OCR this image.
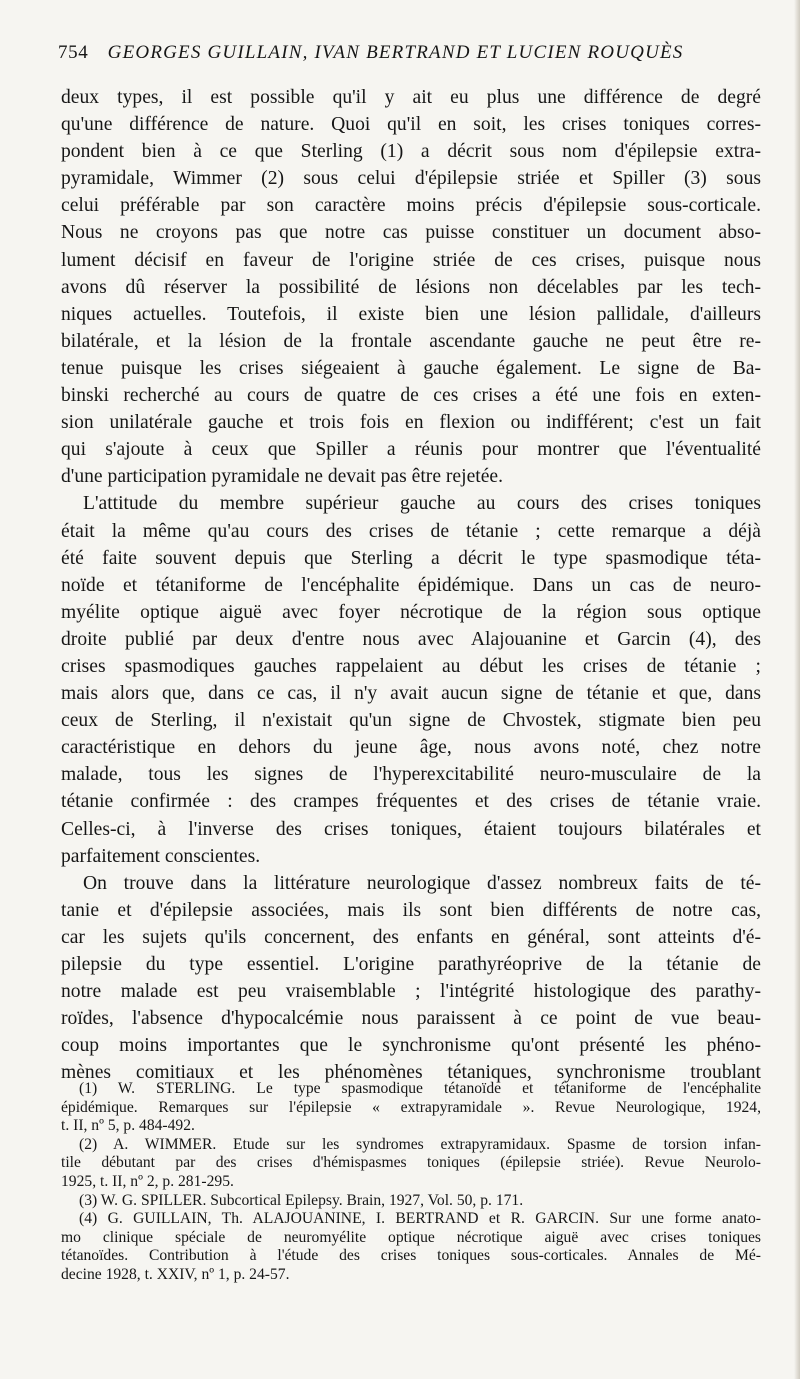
754 GEORGES GUILLAIN, IVAN BERTRAND ET LUCIEN ROUQUÈS

deux types, il est possible qu'il y ait eu plus une différence de degré
qu'une différence de nature. Quoi qu'il en soit, les crises toniques corres-
pondent bien à ce que Sterling (1) a décrit sous nom d'épilepsie extra-
pyramidale, Wimmer (2) sous celui d'épilepsie striée et Spiller (3) sous
celui préférable par son caractère moins précis d'épilepsie sous-corticale.
Nous ne croyons pas que notre cas puisse constituer un document abso-
lument décisif en faveur de l'origine striée de ces crises, puisque nous
avons dû réserver la possibilité de lésions non décelables par les tech-
niques actuelles. Toutefois, il existe bien une lésion pallidale, d'ailleurs
bilatérale, et la lésion de la frontale ascendante gauche ne peut être re-
tenue puisque les crises siégeaient à gauche également. Le signe de Ba-
binski recherché au cours de quatre de ces crises a été une fois en exten-
sion unilatérale gauche et trois fois en flexion ou indifférent; c'est un fait
qui s'ajoute à ceux que Spiller a réunis pour montrer que l'éventualité
d'une participation pyramidale ne devait pas être rejetée.

L'attitude du membre supérieur gauche au cours des crises toniques
était la même qu'au cours des crises de tétanie ; cette remarque a déjà
été faite souvent depuis que Sterling a décrit le type spasmodique téta-
noïde et tétaniforme de l'encéphalite épidémique. Dans un cas de neuro-
myélite optique aiguë avec foyer nécrotique de la région sous optique
droite publié par deux d'entre nous avec Alajouanine et Garcin (4), des
crises spasmodiques gauches rappelaient au début les crises de tétanie ;
mais alors que, dans ce cas, il n'y avait aucun signe de tétanie et que, dans
ceux de Sterling, il n'existait qu'un signe de Chvostek, stigmate bien peu
caractéristique en dehors du jeune âge, nous avons noté, chez notre
malade, tous les signes de l'hyperexcitabilité neuro-musculaire de la
tétanie confirmée : des crampes fréquentes et des crises de tétanie vraie.
Celles-ci, à l'inverse des crises toniques, étaient toujours bilatérales et
parfaitement conscientes.

On trouve dans la littérature neurologique d'assez nombreux faits de té-
tanie et d'épilepsie associées, mais ils sont bien différents de notre cas,
car les sujets qu'ils concernent, des enfants en général, sont atteints d'é-
pilepsie du type essentiel. L'origine parathyréoprive de la tétanie de
notre malade est peu vraisemblable ; l'intégrité histologique des parathy-
roïdes, l'absence d'hypocalcémie nous paraissent à ce point de vue beau-
coup moins importantes que le synchronisme qu'ont présenté les phéno-
mènes comitiaux et les phénomènes tétaniques, synchronisme troublant

(1) W. STERLING. Le type spasmodique tétanoïde et tétaniforme de l'encéphalite
épidémique. Remarques sur l'épilepsie « extrapyramidale ». Revue Neurologique, 1924,
t. II, nº 5, p. 484-492.
(2) A. WIMMER. Etude sur les syndromes extrapyramidaux. Spasme de torsion infan-
tile débutant par des crises d'hémispasmes toniques (épilepsie striée). Revue Neurolo-
1925, t. II, nº 2, p. 281-295.
(3) W. G. SPILLER. Subcortical Epilepsy. Brain, 1927, Vol. 50, p. 171.
(4) G. GUILLAIN, Th. ALAJOUANINE, I. BERTRAND et R. GARCIN. Sur une forme anato-
mo clinique spéciale de neuromyélite optique nécrotique aiguë avec crises toniques
tétanoïdes. Contribution à l'étude des crises toniques sous-corticales. Annales de Mé-
decine 1928, t. XXIV, nº 1, p. 24-57.
